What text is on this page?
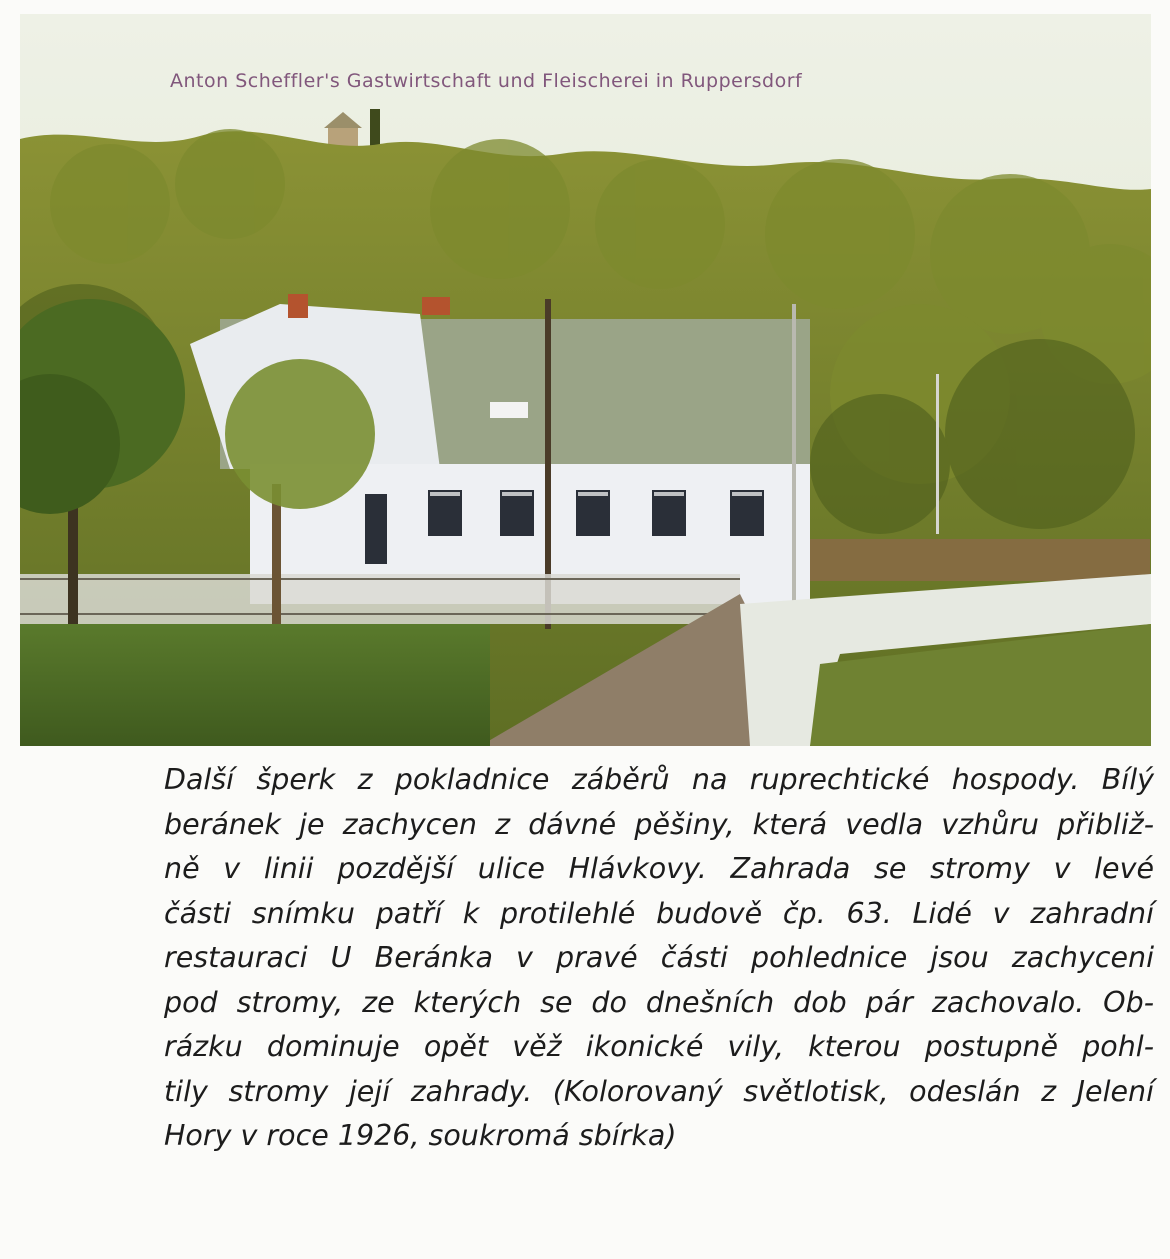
Anton Scheffler's Gastwirtschaft und Fleischerei in Ruppersdorf
Další šperk z pokladnice záběrů na ruprechtické hospody. Bílý
beránek je zachycen z dávné pěšiny, která vedla vzhůru přibliž-
ně v linii pozdější ulice Hlávkovy. Zahrada se stromy v levé
části snímku patří k protilehlé budově čp. 63. Lidé v zahradní
restauraci U Beránka v pravé části pohlednice jsou zachyceni
pod stromy, ze kterých se do dnešních dob pár zachovalo. Ob-
rázku dominuje opět věž ikonické vily, kterou postupně pohl-
tily stromy její zahrady. (Kolorovaný světlotisk, odeslán z Jelení
Hory v roce 1926, soukromá sbírka)
